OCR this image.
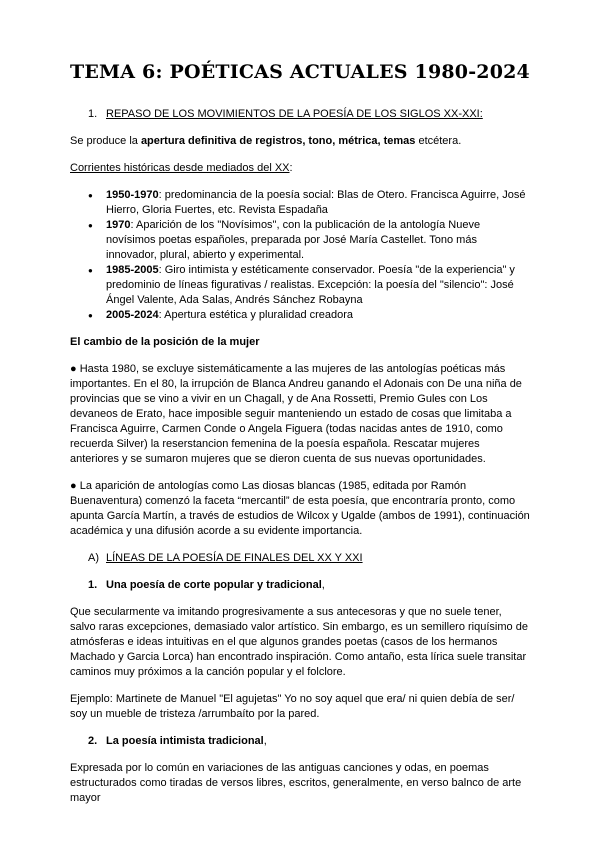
TEMA 6: POÉTICAS ACTUALES 1980-2024
1. REPASO DE LOS MOVIMIENTOS DE LA POESÍA DE LOS SIGLOS XX-XXI:

Se produce la apertura definitiva de registros, tono, métrica, temas etcétera.

Corrientes históricas desde mediados del XX:

●	1950-1970: predominancia de la poesía social: Blas de Otero. Francisca Aguirre, José Hierro, Gloria Fuertes, etc. Revista Espadaña
●	1970: Aparición de los "Novísimos", con la publicación de la antología Nueve novísimos poetas españoles, preparada por José María Castellet. Tono más innovador, plural, abierto y experimental.
●	1985-2005: Giro intimista y estéticamente conservador. Poesía "de la experiencia" y predominio de líneas figurativas / realistas. Excepción: la poesía del "silencio": José Ángel Valente, Ada Salas, Andrés Sánchez Robayna
●	2005-2024: Apertura estética y pluralidad creadora

El cambio de la posición de la mujer

● Hasta 1980, se excluye sistemáticamente a las mujeres de las antologías poéticas más importantes. En el 80, la irrupción de Blanca Andreu ganando el Adonais con De una niña de provincias que se vino a vivir en un Chagall, y de Ana Rossetti, Premio Gules con Los devaneos de Erato, hace imposible seguir manteniendo un estado de cosas que limitaba a Francisca Aguirre, Carmen Conde o Angela Figuera (todas nacidas antes de 1910, como recuerda Silver) la reserstancion femenina de la poesía española. Rescatar mujeres anteriores y se sumaron mujeres que se dieron cuenta de sus nuevas oportunidades.

● La aparición de antologías como Las diosas blancas (1985, editada por Ramón Buenaventura) comenzó la faceta “mercantil” de esta poesía, que encontraría pronto, como apunta García Martín, a través de estudios de Wilcox y Ugalde (ambos de 1991), continuación académica y una difusión acorde a su evidente importancia.

A) LÍNEAS DE LA POESÍA DE FINALES DEL XX Y XXI
1. Una poesía de corte popular y tradicional,

Que secularmente va imitando progresivamente a sus antecesoras y que no suele tener, salvo raras excepciones, demasiado valor artístico. Sin embargo, es un semillero riquísimo de atmósferas e ideas intuitivas en el que algunos grandes poetas (casos de los hermanos Machado y Garcia Lorca) han encontrado inspiración. Como antaño, esta lírica suele transitar caminos muy próximos a la canción popular y el folclore.

Ejemplo: Martinete de Manuel "El agujetas" Yo no soy aquel que era/ ni quien debía de ser/ soy un mueble de tristeza /arrumbaíto por la pared.

2. La poesía intimista tradicional,

Expresada por lo común en variaciones de las antiguas canciones y odas, en poemas estructurados como tiradas de versos libres, escritos, generalmente, en verso balnco de arte mayor
